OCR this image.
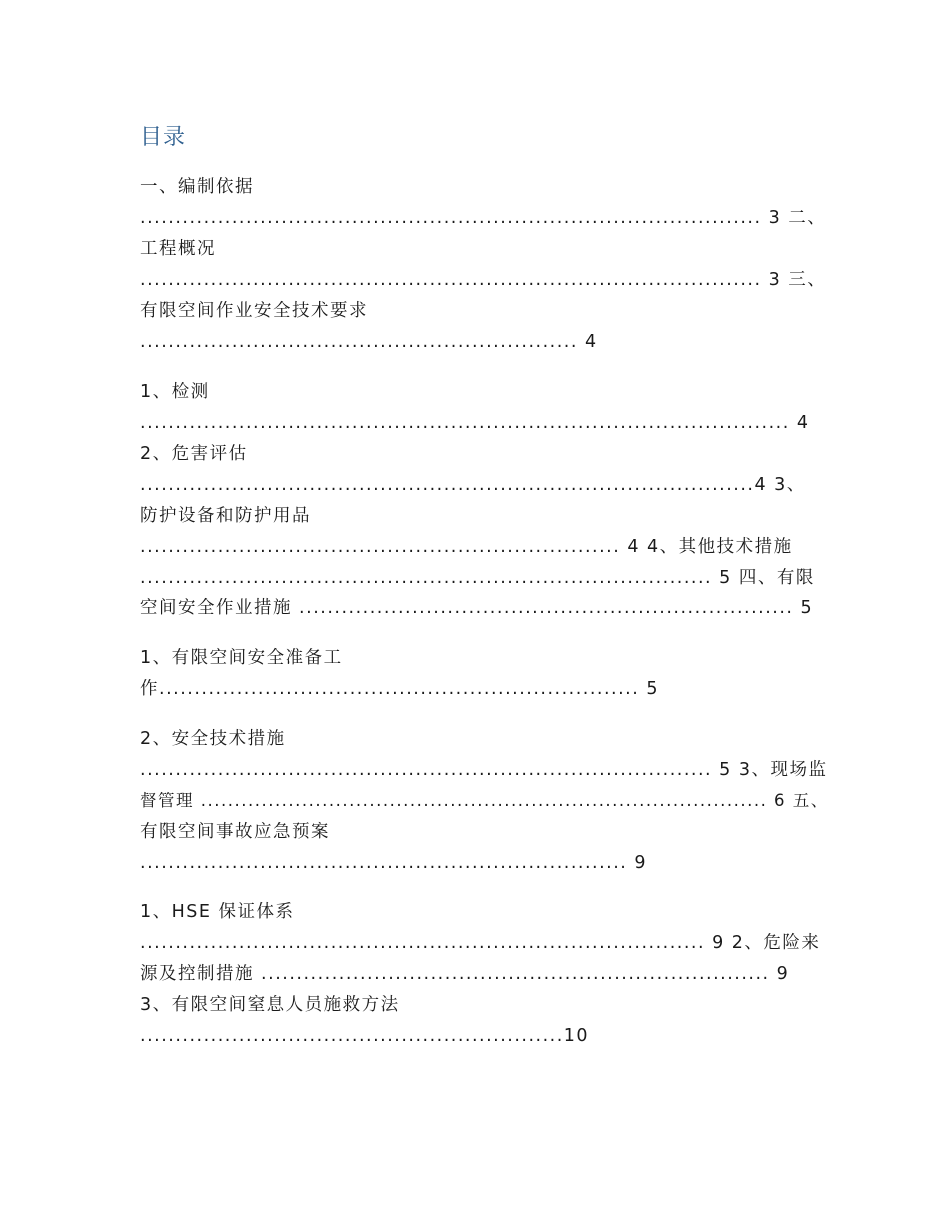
目录
一、编制依据
........................................................................................ 3 二、
工程概况
........................................................................................ 3 三、
有限空间作业安全技术要求
.............................................................. 4
1、检测
............................................................................................ 4
2、危害评估
.......................................................................................4 3、
防护设备和防护用品
.................................................................... 4 4、其他技术措施
................................................................................. 5 四、有限
空间安全作业措施 ...................................................................... 5
1、有限空间安全准备工
作.................................................................... 5
2、安全技术措施
................................................................................. 5 3、现场监
督管理 .................................................................................... 6 五、
有限空间事故应急预案
..................................................................... 9
1、HSE 保证体系
................................................................................ 9 2、危险来
源及控制措施 ........................................................................ 9
3、有限空间窒息人员施救方法
............................................................10
